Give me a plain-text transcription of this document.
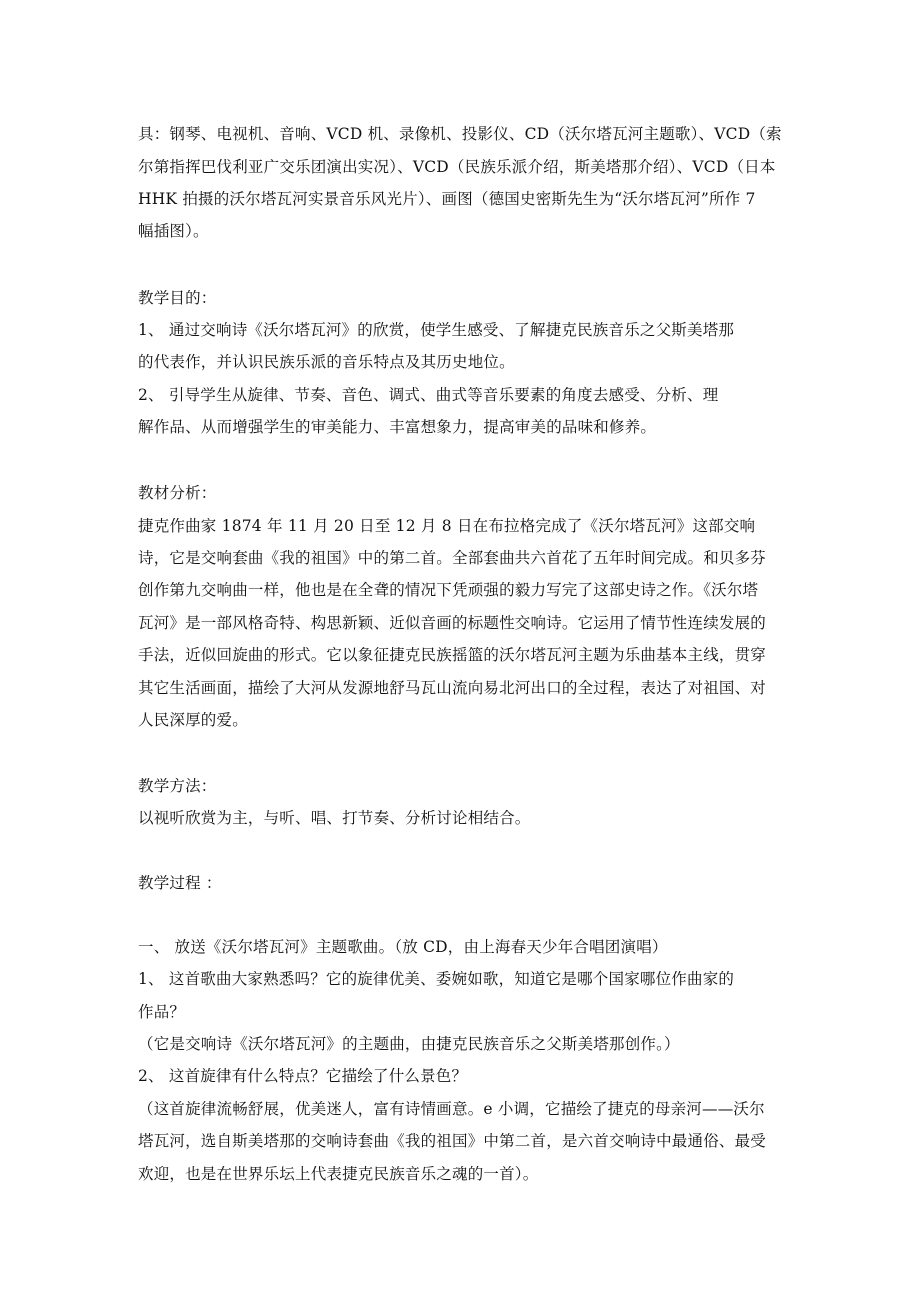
具：钢琴、电视机、音响、VCD 机、录像机、投影仪、CD（沃尔塔瓦河主题歌）、VCD（索
尔第指挥巴伐利亚广交乐团演出实况）、VCD（民族乐派介绍，斯美塔那介绍）、VCD（日本
HHK 拍摄的沃尔塔瓦河实景音乐风光片）、画图（德国史密斯先生为“沃尔塔瓦河”所作 7
幅插图）。
教学目的：
1、 通过交响诗《沃尔塔瓦河》的欣赏，使学生感受、了解捷克民族音乐之父斯美塔那
的代表作，并认识民族乐派的音乐特点及其历史地位。
2、 引导学生从旋律、节奏、音色、调式、曲式等音乐要素的角度去感受、分析、理
解作品、从而增强学生的审美能力、丰富想象力，提高审美的品味和修养。
教材分析：
捷克作曲家 1874 年 11 月 20 日至 12 月 8 日在布拉格完成了《沃尔塔瓦河》这部交响
诗，它是交响套曲《我的祖国》中的第二首。全部套曲共六首花了五年时间完成。和贝多芬
创作第九交响曲一样，他也是在全聋的情况下凭顽强的毅力写完了这部史诗之作。《沃尔塔
瓦河》是一部风格奇特、构思新颖、近似音画的标题性交响诗。它运用了情节性连续发展的
手法，近似回旋曲的形式。它以象征捷克民族摇篮的沃尔塔瓦河主题为乐曲基本主线，贯穿
其它生活画面，描绘了大河从发源地舒马瓦山流向易北河出口的全过程，表达了对祖国、对
人民深厚的爱。
教学方法：
以视听欣赏为主，与听、唱、打节奏、分析讨论相结合。
教学过程 ：
一、 放送《沃尔塔瓦河》主题歌曲。（放 CD，由上海春天少年合唱团演唱）
1、 这首歌曲大家熟悉吗？它的旋律优美、委婉如歌，知道它是哪个国家哪位作曲家的
作品？
（它是交响诗《沃尔塔瓦河》的主题曲，由捷克民族音乐之父斯美塔那创作。）
2、 这首旋律有什么特点？它描绘了什么景色？
（这首旋律流畅舒展，优美迷人，富有诗情画意。e 小调，它描绘了捷克的母亲河——沃尔
塔瓦河，选自斯美塔那的交响诗套曲《我的祖国》中第二首，是六首交响诗中最通俗、最受
欢迎，也是在世界乐坛上代表捷克民族音乐之魂的一首）。
